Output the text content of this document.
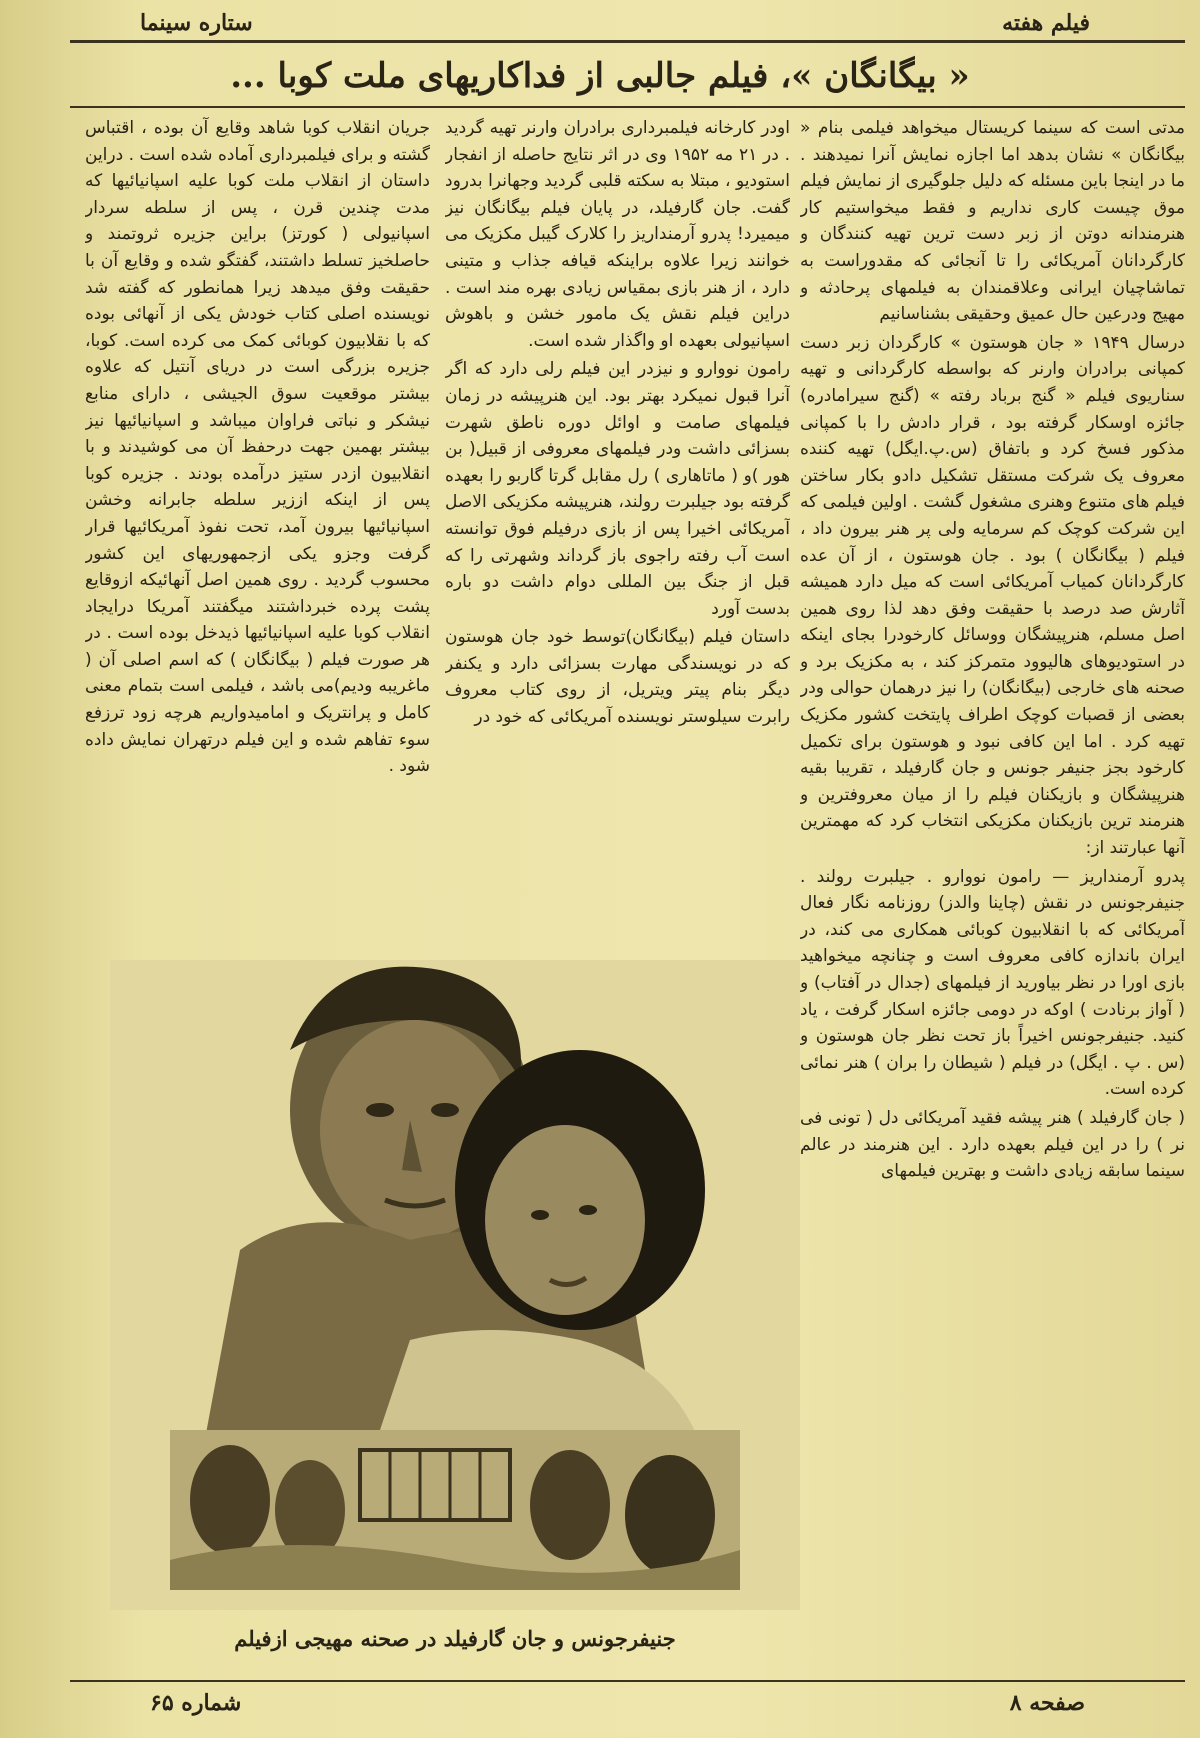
فیلم هفته
ستاره سینما
« بیگانگان »، فیلم جالبی از فداکاریهای ملت کوبا ...

مدتی است که سینما کریستال میخواهد فیلمی بنام « بیگانگان » نشان بدهد اما اجازه نمایش آنرا نمیدهند . ما در اینجا باین مسئله که دلیل جلوگیری از نمایش فیلم موق چیست کاری نداریم و فقط میخواستیم کار هنرمندانه دوتن از زبر دست ترین تهیه کنندگان و کارگردانان آمریکائی را تا آنجائی که مقدوراست به تماشاچیان ایرانی وعلاقمندان به فیلمهای پرحادثه و مهیج ودرعین حال عمیق وحقیقی بشناسانیم

درسال ۱۹۴۹ « جان هوستون » کارگردان زبر دست کمپانی برادران وارنر که بواسطه کارگردانی و تهیه سناریوی فیلم « گنج برباد رفته » (گنج سیرامادره) جائزه اوسکار گرفته بود ، قرار دادش را با کمپانی مذکور فسخ کرد و باتفاق (س.پ.ایگل) تهیه کننده معروف یک شرکت مستقل تشکیل دادو بکار ساختن فیلم های متنوع وهنری مشغول گشت . اولین فیلمی که این شرکت کوچک کم سرمایه ولی پر هنر بیرون داد ، فیلم ( بیگانگان ) بود . جان هوستون ، از آن عده کارگردانان کمیاب آمریکائی است که میل دارد همیشه آثارش صد درصد با حقیقت وفق دهد لذا روی همین اصل مسلم، هنرپیشگان ووسائل کارخودرا بجای اینکه در استودیوهای هالیوود متمرکز کند ، به مکزیک برد و صحنه های خارجی (بیگانگان) را نیز درهمان حوالی ودر بعضی از قصبات کوچک اطراف پایتخت کشور مکزیک تهیه کرد . اما این کافی نبود و هوستون برای تکمیل کارخود بجز جنیفر جونس و جان گارفیلد ، تقریبا بقیه هنرپیشگان و بازیکنان فیلم را از میان معروفترین و هنرمند ترین بازیکنان مکزیکی انتخاب کرد که مهمترین آنها عبارتند از:

پدرو آرمنداریز — رامون نووارو . جیلبرت رولند . جنیفرجونس در نقش (چاینا والدز) روزنامه نگار فعال آمریکائی که با انقلابیون کوبائی همکاری می کند، در ایران باندازه کافی معروف است و چنانچه میخواهید بازی اورا در نظر بیاورید از فیلمهای (جدال در آفتاب) و ( آواز برنادت ) اوکه در دومی جائزه اسکار گرفت ، یاد کنید. جنیفرجونس اخیراً باز تحت نظر جان هوستون و (س . پ . ایگل) در فیلم ( شیطان را بران ) هنر نمائی کرده است.

( جان گارفیلد ) هنر پیشه فقید آمریکائی دل ( تونی فی نر ) را در این فیلم بعهده دارد . این هنرمند در عالم سینما سابقه زیادی داشت و بهترین فیلمهای

اودر کارخانه فیلمبرداری برادران وارنر تهیه گردید . در ۲۱ مه ۱۹۵۲ وی در اثر نتایج حاصله از انفجار استودیو ، مبتلا به سکته قلبی گردید وجهانرا بدرود گفت. جان گارفیلد، در پایان فیلم بیگانگان نیز میمیرد! پدرو آرمنداریز را کلارک گیبل مکزیک می خوانند زیرا علاوه براینکه قیافه جذاب و متینی دارد ، از هنر بازی بمقیاس زیادی بهره مند است . دراین فیلم نقش یک مامور خشن و باهوش اسپانیولی بعهده او واگذار شده است.

رامون نووارو و نیزدر این فیلم رلی دارد که اگر آنرا قبول نمیکرد بهتر بود. این هنرپیشه در زمان فیلمهای صامت و اوائل دوره ناطق شهرت بسزائی داشت ودر فیلمهای معروفی از قبیل( بن هور )و ( ماتاهاری ) رل مقابل گرتا گاربو را بعهده گرفته بود جیلبرت رولند، هنرپیشه مکزیکی الاصل آمریکائی اخیرا پس از بازی درفیلم فوق توانسته است آب رفته راجوی باز گرداند وشهرتی را که قبل از جنگ بین المللی دوام داشت دو باره بدست آورد

داستان فیلم (بیگانگان)توسط خود جان هوستون که در نویسندگی مهارت بسزائی دارد و یکنفر دیگر بنام پیتر ویتریل، از روی کتاب معروف رابرت سیلوستر نویسنده آمریکائی که خود در

جریان انقلاب کوبا شاهد وقایع آن بوده ، اقتباس گشته و برای فیلمبرداری آماده شده است . دراین داستان از انقلاب ملت کوبا علیه اسپانیائیها که مدت چندین قرن ، پس از سلطه سردار اسپانیولی ( کورتز) براین جزیره ثروتمند و حاصلخیز تسلط داشتند، گفتگو شده و وقایع آن با حقیقت وفق میدهد زیرا همانطور که گفته شد نویسنده اصلی کتاب خودش یکی از آنهائی بوده که با نقلابیون کوبائی کمک می کرده است. کوبا، جزیره بزرگی است در دریای آنتیل که علاوه بیشتر موقعیت سوق الجیشی ، دارای منابع نیشکر و نباتی فراوان میباشد و اسپانیائیها نیز بیشتر بهمین جهت درحفظ آن می کوشیدند و با انقلابیون ازدر ستیز درآمده بودند . جزیره کوبا پس از اینکه اززیر سلطه جابرانه وخشن اسپانیائیها بیرون آمد، تحت نفوذ آمریکائیها قرار گرفت وجزو یکی ازجمهوریهای این کشور محسوب گردید . روی همین اصل آنهائیکه ازوقایع پشت پرده خبرداشتند میگفتند آمریکا درایجاد انقلاب کوبا علیه اسپانیائیها ذیدخل بوده است . در هر صورت فیلم ( بیگانگان ) که اسم اصلی آن ( ماغریبه ودیم)می باشد ، فیلمی است بتمام معنی کامل و پرانتریک و امامیدواریم هرچه زود ترزفع سوء تفاهم شده و این فیلم درتهران نمایش داده شود .

جنیفرجونس و جان گارفیلد در صحنه مهیجی ازفیلم
صفحه ۸
شماره ۶۵
